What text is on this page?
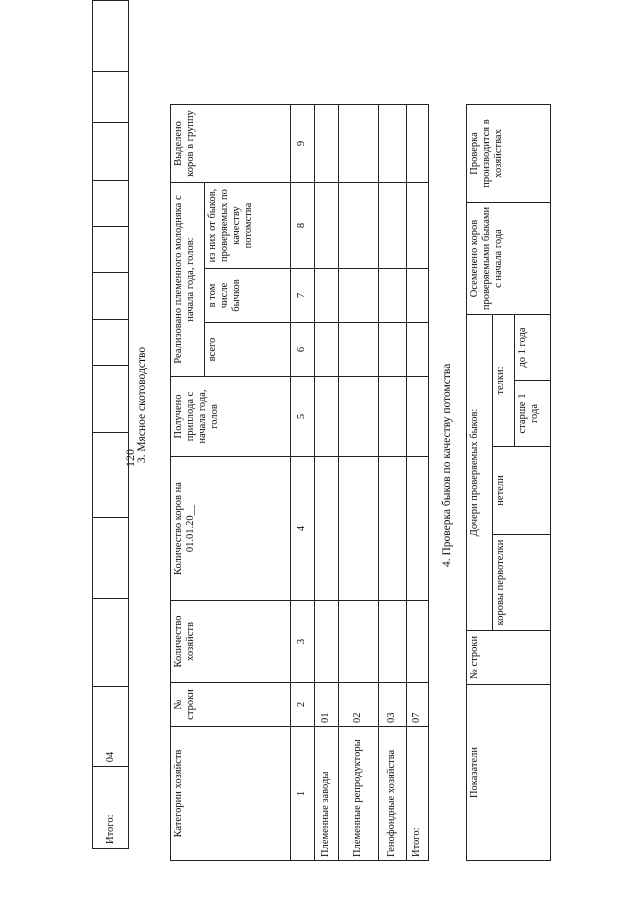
120
Итого:	04											
3. Мясное скотоводство
Категории хозяйств	№ строки	Количество хозяйств	Количество коров на 01.01.20__	Получено приплода с начала года, голов	Реализовано племенного молодняка с начала года, голов:			Выделено коров в группу
					всего	в том числе бычков	из них от быков, проверяемых по качеству потомства	
1	2	3	4	5	6	7	8	9
Племенные заводы	01							
Племенные репродукторы	02							
Генофондные хозяйства	03							
Итого:	07							
4. Проверка быков по качеству потомства
Показатели	№ строки	Дочери проверяемых быков:				Осеменено коров проверяемыми быками с начала года	Проверка производится в хозяйствах
		коровы первотелки	нетели	телки:			
				старше 1 года	до 1 года		
